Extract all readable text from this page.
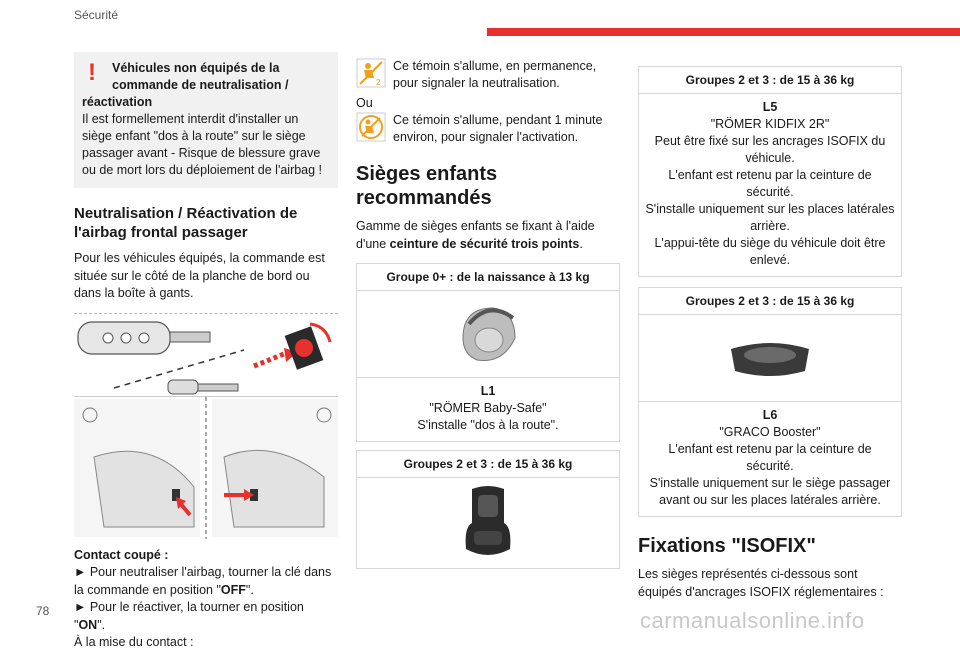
Sécurité
! Véhicules non équipés de la
commande de neutralisation /
réactivation
Il est formellement interdit d'installer un siège enfant "dos à la route" sur le siège passager avant - Risque de blessure grave ou de mort lors du déploiement de l'airbag !
Neutralisation / Réactivation de l'airbag frontal passager
Pour les véhicules équipés, la commande est située sur le côté de la planche de bord ou dans la boîte à gants.
Contact coupé :
► Pour neutraliser l'airbag, tourner la clé dans la commande en position "OFF".
► Pour le réactiver, la tourner en position "ON".
À la mise du contact :
2
Ce témoin s'allume, en permanence, pour signaler la neutralisation.
Ou
Ce témoin s'allume, pendant 1 minute environ, pour signaler l'activation.
Sièges enfants recommandés
Gamme de sièges enfants se fixant à l'aide d'une ceinture de sécurité trois points.
Groupe 0+ : de la naissance à 13 kg
L1
"RÖMER Baby-Safe"
S'installe "dos à la route".
Groupes 2 et 3 : de 15 à 36 kg
Groupes 2 et 3 : de 15 à 36 kg
L5
"RÖMER KIDFIX 2R"
Peut être fixé sur les ancrages ISOFIX du véhicule.
L'enfant est retenu par la ceinture de sécurité.
S'installe uniquement sur les places latérales arrière.
L'appui-tête du siège du véhicule doit être enlevé.
Groupes 2 et 3 : de 15 à 36 kg
L6
"GRACO Booster"
L'enfant est retenu par la ceinture de sécurité.
S'installe uniquement sur le siège passager avant ou sur les places latérales arrière.
Fixations "ISOFIX"
Les sièges représentés ci-dessous sont équipés d'ancrages ISOFIX réglementaires :
78	carmanualsonline.info
